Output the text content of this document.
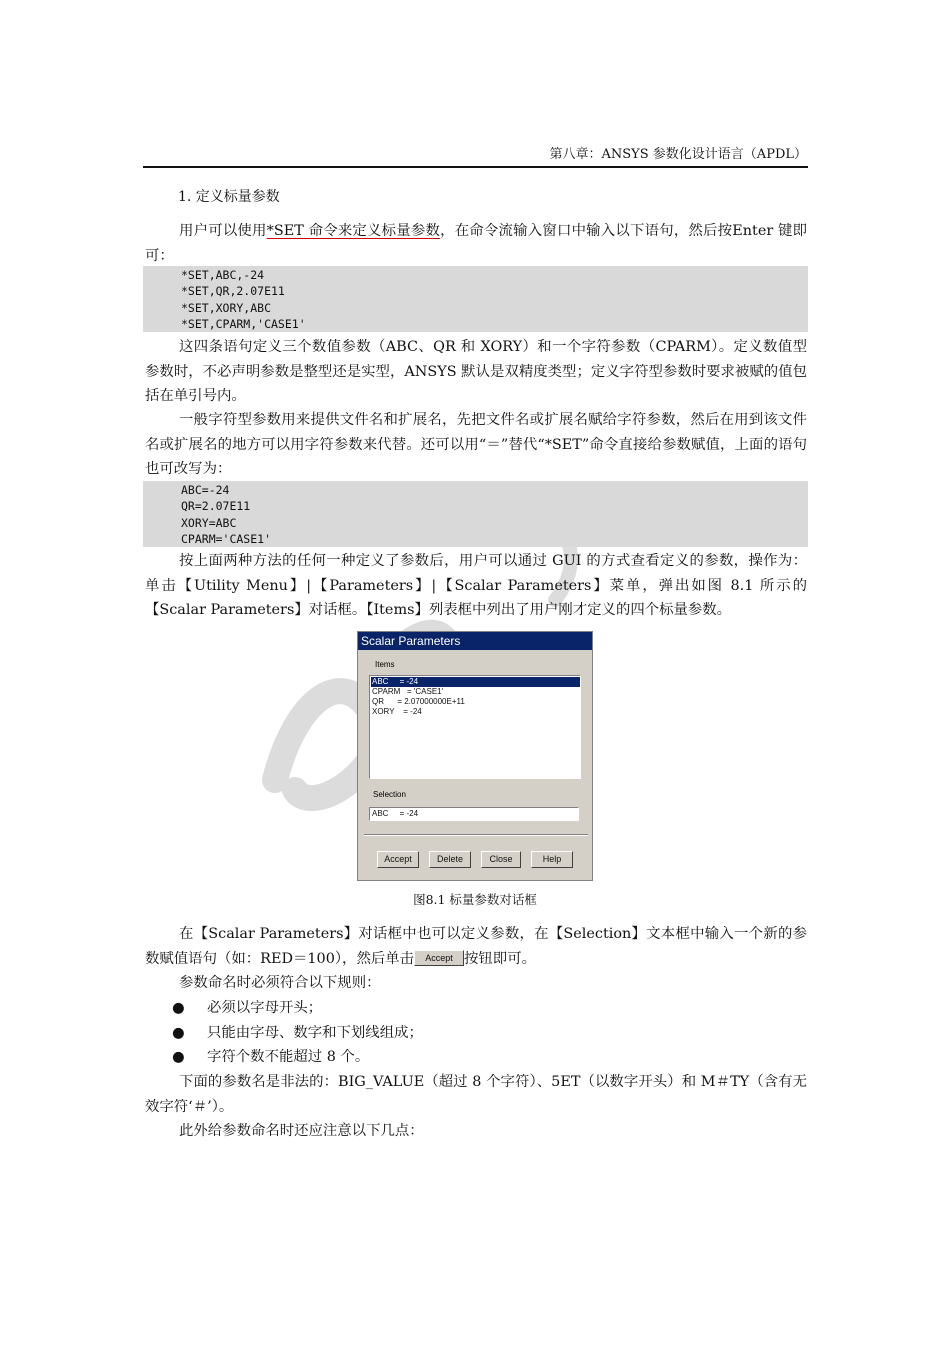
第八章：ANSYS 参数化设计语言（APDL）
1. 定义标量参数
用户可以使用*SET 命令来定义标量参数，在命令流输入窗口中输入以下语句，然后按Enter 键即可：
*SET,ABC,-24
*SET,QR,2.07E11
*SET,XORY,ABC
*SET,CPARM,'CASE1'
这四条语句定义三个数值参数（ABC、QR 和 XORY）和一个字符参数（CPARM）。定义数值型参数时，不必声明参数是整型还是实型，ANSYS 默认是双精度类型；定义字符型参数时要求被赋的值包括在单引号内。
一般字符型参数用来提供文件名和扩展名，先把文件名或扩展名赋给字符参数，然后在用到该文件名或扩展名的地方可以用字符参数来代替。还可以用“＝”替代“*SET”命令直接给参数赋值，上面的语句也可改写为：
ABC=-24
QR=2.07E11
XORY=ABC
CPARM='CASE1'
按上面两种方法的任何一种定义了参数后，用户可以通过 GUI 的方式查看定义的参数，操作为：单击【Utility Menu】|【Parameters】|【Scalar Parameters】菜单，弹出如图 8.1 所示的【Scalar Parameters】对话框。【Items】列表框中列出了用户刚才定义的四个标量参数。
Scalar Parameters
Items
ABC     = -24
CPARM   = 'CASE1'
QR      = 2.07000000E+11
XORY    = -24
Selection
ABC     = -24
Accept	Delete	Close	Help
图8.1 标量参数对话框
在【Scalar Parameters】对话框中也可以定义参数，在【Selection】文本框中输入一个新的参数赋值语句（如：RED＝100），然后单击 Accept 按钮即可。
参数命名时必须符合以下规则：
● 必须以字母开头；
● 只能由字母、数字和下划线组成；
● 字符个数不能超过 8 个。
下面的参数名是非法的：BIG_VALUE（超过 8 个字符）、5ET（以数字开头）和 M＃TY（含有无效字符‘＃’）。
此外给参数命名时还应注意以下几点：
